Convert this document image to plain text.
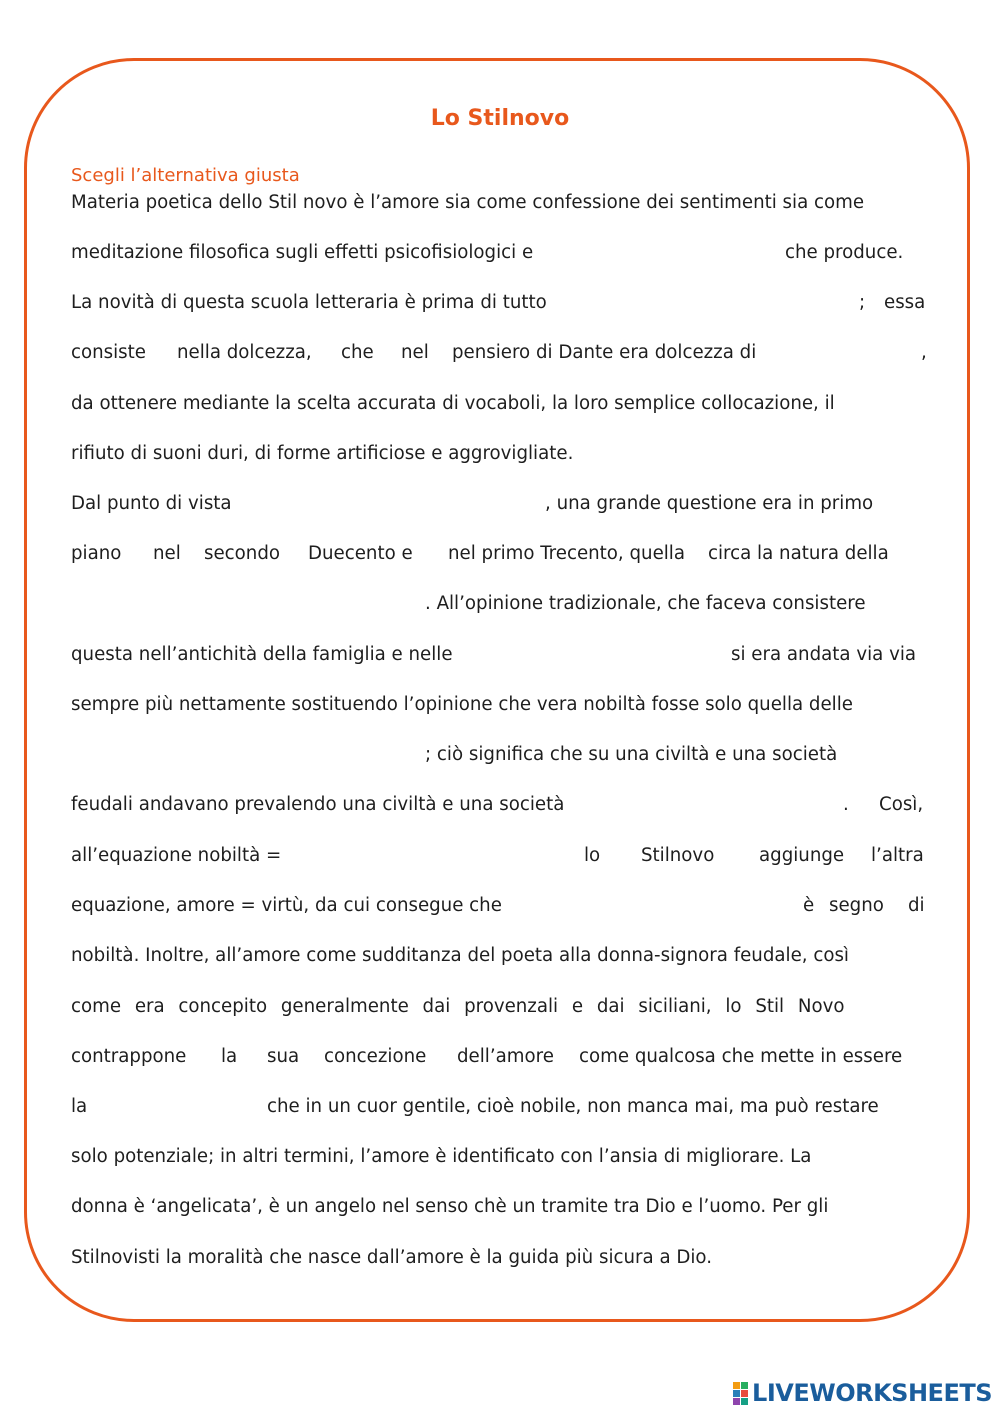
Lo Stilnovo
Scegli l’alternativa giusta
Materia poetica dello Stil novo è l’amore sia come confessione dei sentimenti sia come
meditazione filosofica sugli effetti psicofisiologici e	che produce.
La novità di questa scuola letteraria è prima di tutto	; essa
consiste nella dolcezza, che nel pensiero di Dante era dolcezza di	,
da ottenere mediante la scelta accurata di vocaboli, la loro semplice collocazione, il
rifiuto di suoni duri, di forme artificiose e aggrovigliate.
Dal punto di vista	, una grande questione era in primo
piano nel secondo Duecento e nel primo Trecento, quella circa la natura della
. All’opinione tradizionale, che faceva consistere
questa nell’antichità della famiglia e nelle	si era andata via via
sempre più nettamente sostituendo l’opinione che vera nobiltà fosse solo quella delle
; ciò significa che su una civiltà e una società
feudali andavano prevalendo una civiltà e una società	. Così,
all’equazione nobiltà =	lo Stilnovo aggiunge l’altra
equazione, amore = virtù, da cui consegue che	è segno di
nobiltà. Inoltre, all’amore come sudditanza del poeta alla donna-signora feudale, così
come era concepito generalmente dai provenzali e dai siciliani, lo Stil Novo
contrappone la sua concezione dell’amore come qualcosa che mette in essere
la	che in un cuor gentile, cioè nobile, non manca mai, ma può restare
solo potenziale; in altri termini, l’amore è identificato con l’ansia di migliorare. La
donna è ‘angelicata’, è un angelo nel senso chè un tramite tra Dio e l’uomo. Per gli
Stilnovisti la moralità che nasce dall’amore è la guida più sicura a Dio.
LIVEWORKSHEETS
